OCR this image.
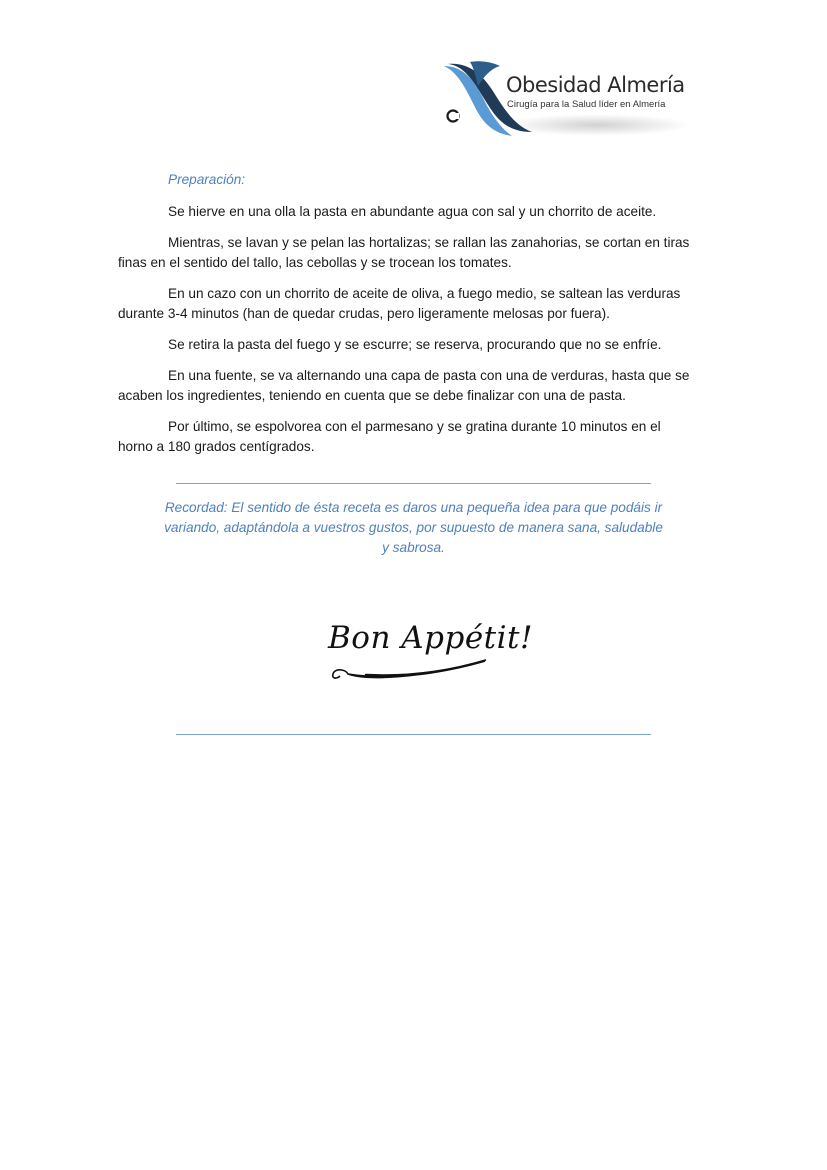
Obesidad Almería
Cirugía para la Salud líder en Almería

Preparación:

Se hierve en una olla la pasta en abundante agua con sal y un chorrito de aceite.

Mientras, se lavan y se pelan las hortalizas; se rallan las zanahorias, se cortan en tiras finas en el sentido del tallo, las cebollas y se trocean los tomates.

En un cazo con un chorrito de aceite de oliva, a fuego medio, se saltean las verduras durante 3-4 minutos (han de quedar crudas, pero ligeramente melosas por fuera).

Se retira la pasta del fuego y se escurre; se reserva, procurando que no se enfríe.

En una fuente, se va alternando una capa de pasta con una de verduras, hasta que se acaben los ingredientes, teniendo en cuenta que se debe finalizar con una de pasta.

Por último, se espolvorea con el parmesano y se gratina durante 10 minutos en el horno a 180 grados centígrados.

Recordad: El sentido de ésta receta es daros una pequeña idea para que podáis ir variando, adaptándola a vuestros gustos, por supuesto de manera sana, saludable y sabrosa.

Bon Appétit!
